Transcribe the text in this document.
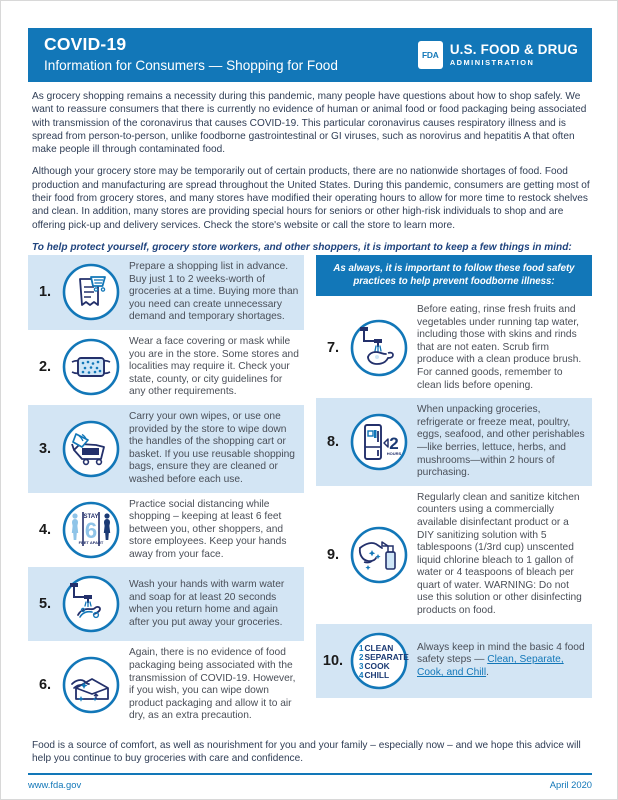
COVID-19
Information for Consumers — Shopping for Food
FDA U.S. FOOD & DRUG
ADMINISTRATION

As grocery shopping remains a necessity during this pandemic, many people have questions about how to shop safely. We want to reassure consumers that there is currently no evidence of human or animal food or food packaging being associated with transmission of the coronavirus that causes COVID-19. This particular coronavirus causes respiratory illness and is spread from person-to-person, unlike foodborne gastrointestinal or GI viruses, such as norovirus and hepatitis A that often make people ill through contaminated food.

Although your grocery store may be temporarily out of certain products, there are no nationwide shortages of food. Food production and manufacturing are spread throughout the United States. During this pandemic, consumers are getting most of their food from grocery stores, and many stores have modified their operating hours to allow for more time to restock shelves and clean. In addition, many stores are providing special hours for seniors or other high-risk individuals to shop and are offering pick-up and delivery services. Check the store's website or call the store to learn more.

To help protect yourself, grocery store workers, and other shoppers, it is important to keep a few things in mind:

1.
Prepare a shopping list in advance. Buy just 1 to 2 weeks-worth of groceries at a time. Buying more than you need can create unnecessary demand and temporary shortages.
2.
Wear a face covering or mask while you are in the store. Some stores and localities may require it. Check your state, county, or city guidelines for any other requirements.
3.
Carry your own wipes, or use one provided by the store to wipe down the handles of the shopping cart or basket. If you use reusable shopping bags, ensure they are cleaned or washed before each use.
4.
STAY
6
FEET APART
Practice social distancing while shopping – keeping at least 6 feet between you, other shoppers, and store employees. Keep your hands away from your face.
5.
Wash your hands with warm water and soap for at least 20 seconds when you return home and again after you put away your groceries.
6.
Again, there is no evidence of food packaging being associated with the transmission of COVID-19. However, if you wish, you can wipe down product packaging and allow it to air dry, as an extra precaution.
As always, it is important to follow these food safety
practices to help prevent foodborne illness:
7.
Before eating, rinse fresh fruits and vegetables under running tap water, including those with skins and rinds that are not eaten. Scrub firm produce with a clean produce brush. For canned goods, remember to clean lids before opening.
8.	2
HOURS
When unpacking groceries, refrigerate or freeze meat, poultry, eggs, seafood, and other perishables—like berries, lettuce, herbs, and mushrooms—within 2 hours of purchasing.
9.
Regularly clean and sanitize kitchen counters using a commercially available disinfectant product or a DIY sanitizing solution with 5 tablespoons (1/3rd cup) unscented liquid chlorine bleach to 1 gallon of water or 4 teaspoons of bleach per quart of water. WARNING: Do not use this solution or other disinfecting products on food.
10.
1 CLEAN
2 SEPARATE
3 COOK
4 CHILL
Always keep in mind the basic 4 food safety steps — Clean, Separate, Cook, and Chill.
Food is a source of comfort, as well as nourishment for you and your family – especially now – and we hope this advice will help you continue to buy groceries with care and confidence.
www.fda.gov	April 2020
